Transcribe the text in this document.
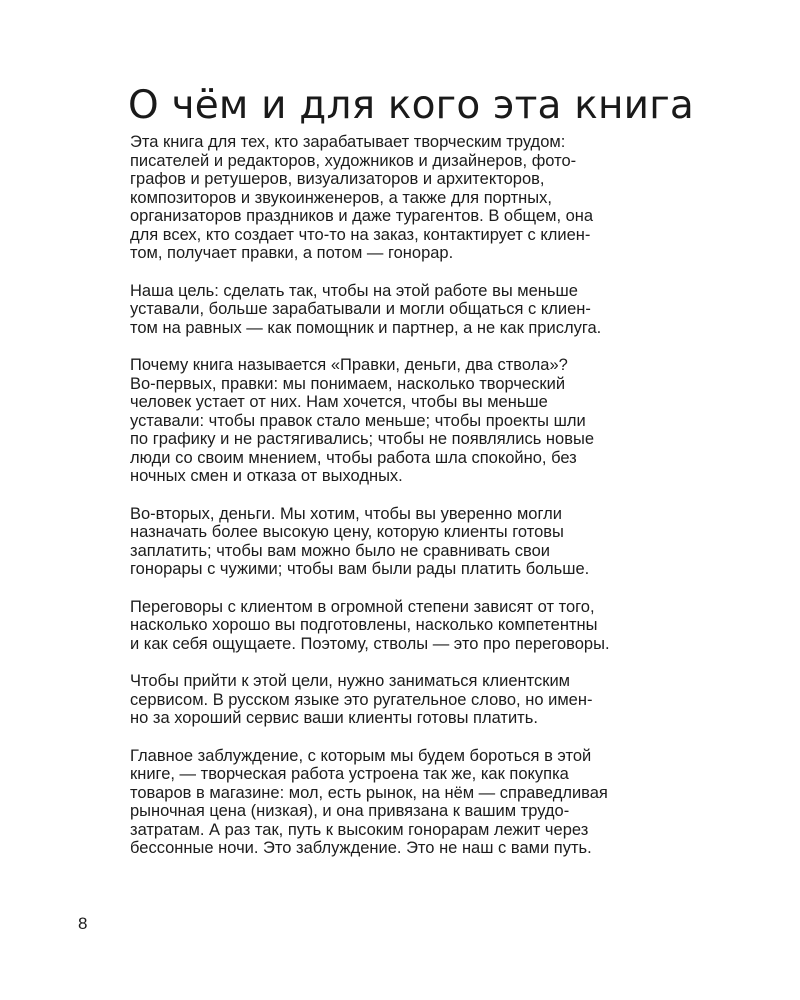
О чём и для кого эта книга

Эта книга для тех, кто зарабатывает творческим трудом:
писателей и редакторов, художников и дизайнеров, фото-
графов и ретушеров, визуализаторов и архитекторов,
композиторов и звукоинженеров, а также для портных,
организаторов праздников и даже турагентов. В общем, она
для всех, кто создает что-то на заказ, контактирует с клиен-
том, получает правки, а потом — гонорар.

Наша цель: сделать так, чтобы на этой работе вы меньше
уставали, больше зарабатывали и могли общаться с клиен-
том на равных — как помощник и партнер, а не как прислуга.

Почему книга называется «Правки, деньги, два ствола»?
Во-первых, правки: мы понимаем, насколько творческий
человек устает от них. Нам хочется, чтобы вы меньше
уставали: чтобы правок стало меньше; чтобы проекты шли
по графику и не растягивались; чтобы не появлялись новые
люди со своим мнением, чтобы работа шла спокойно, без
ночных смен и отказа от выходных.

Во-вторых, деньги. Мы хотим, чтобы вы уверенно могли
назначать более высокую цену, которую клиенты готовы
заплатить; чтобы вам можно было не сравнивать свои
гонорары с чужими; чтобы вам были рады платить больше.

Переговоры с клиентом в огромной степени зависят от того,
насколько хорошо вы подготовлены, насколько компетентны
и как себя ощущаете. Поэтому, стволы — это про переговоры.

Чтобы прийти к этой цели, нужно заниматься клиентским
сервисом. В русском языке это ругательное слово, но имен-
но за хороший сервис ваши клиенты готовы платить.

Главное заблуждение, с которым мы будем бороться в этой
книге, — творческая работа устроена так же, как покупка
товаров в магазине: мол, есть рынок, на нём — справедливая
рыночная цена (низкая), и она привязана к вашим трудо-
затратам. А раз так, путь к высоким гонорарам лежит через
бессонные ночи. Это заблуждение. Это не наш с вами путь.

8
